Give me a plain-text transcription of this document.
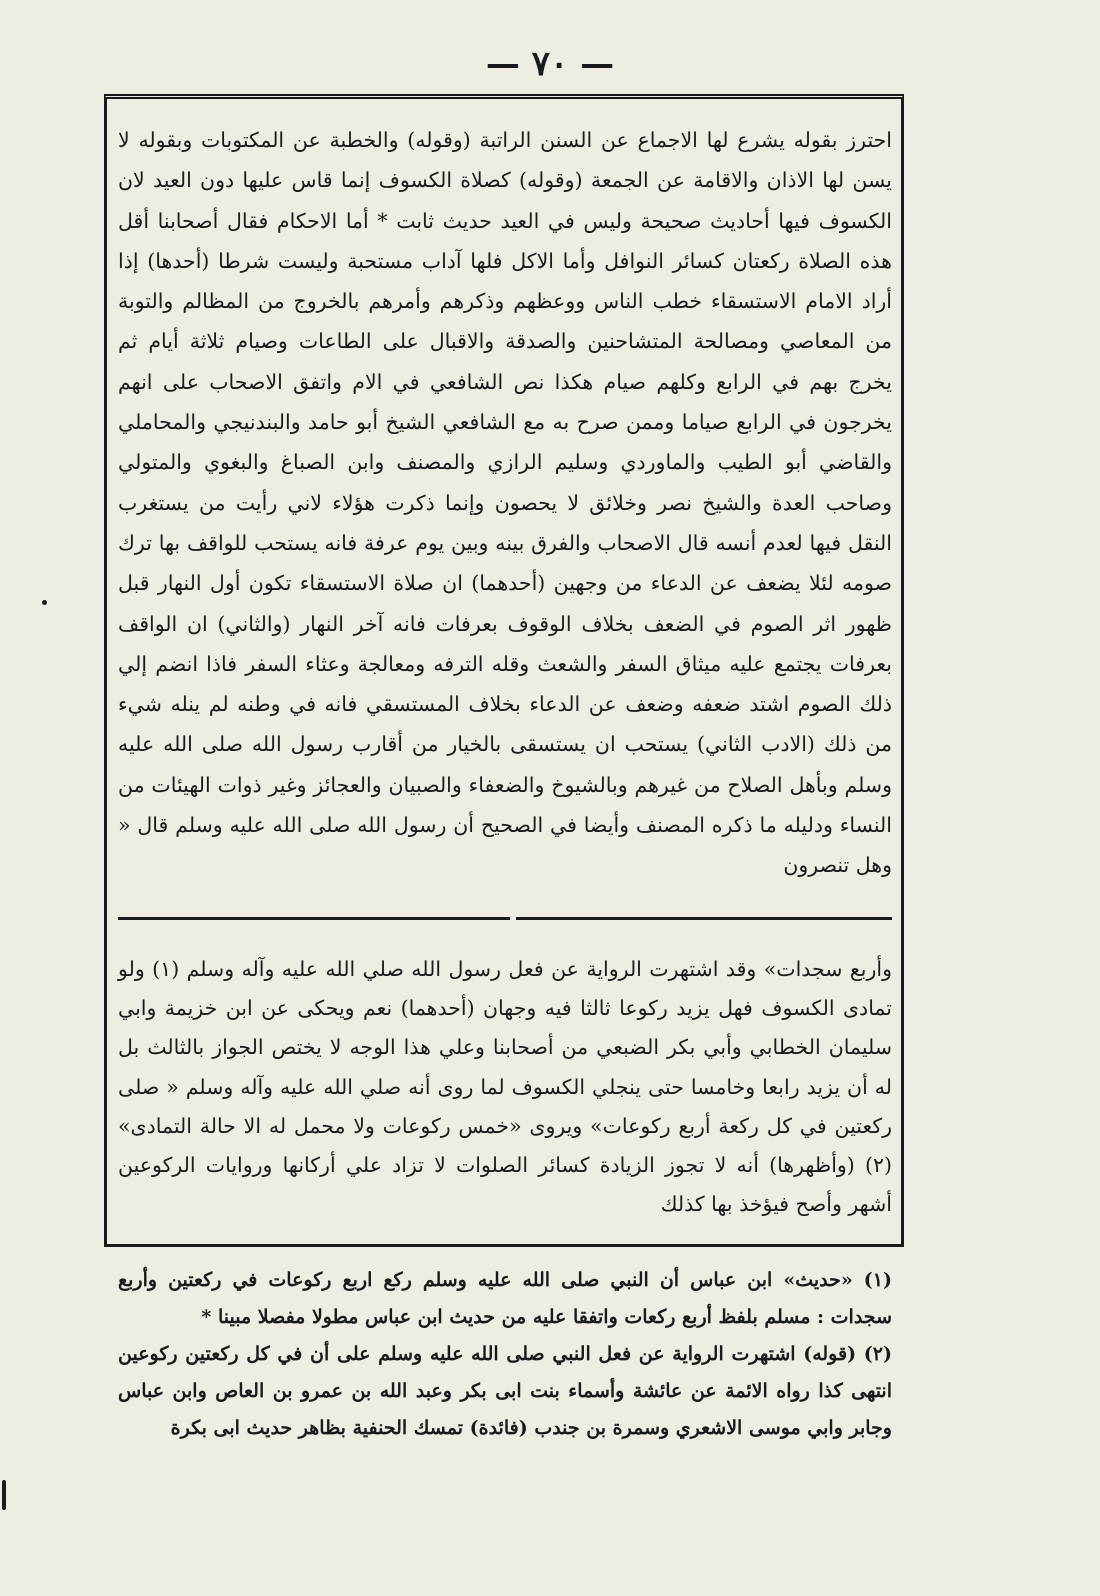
— ٧٠ —
احترز بقوله يشرع لها الاجماع عن السنن الراتبة (وقوله) والخطبة عن المكتوبات وبقوله لا يسن لها الاذان والاقامة عن الجمعة (وقوله) كصلاة الكسوف إنما قاس عليها دون العيد لان الكسوف فيها أحاديث صحيحة وليس في العيد حديث ثابت * أما الاحكام فقال أصحابنا أقل هذه الصلاة ركعتان كسائر النوافل وأما الاكل فلها آداب مستحبة وليست شرطا (أحدها) إذا أراد الامام الاستسقاء خطب الناس ووعظهم وذكرهم وأمرهم بالخروج من المظالم والتوبة من المعاصي ومصالحة المتشاحنين والصدقة والاقبال على الطاعات وصيام ثلاثة أيام ثم يخرج بهم في الرابع وكلهم صيام هكذا نص الشافعي في الام واتفق الاصحاب على انهم يخرجون في الرابع صياما وممن صرح به مع الشافعي الشيخ أبو حامد والبندنيجي والمحاملي والقاضي أبو الطيب والماوردي وسليم الرازي والمصنف وابن الصباغ والبغوي والمتولي وصاحب العدة والشيخ نصر وخلائق لا يحصون وإنما ذكرت هؤلاء لاني رأيت من يستغرب النقل فيها لعدم أنسه قال الاصحاب والفرق بينه وبين يوم عرفة فانه يستحب للواقف بها ترك صومه لئلا يضعف عن الدعاء من وجهين (أحدهما) ان صلاة الاستسقاء تكون أول النهار قبل ظهور اثر الصوم في الضعف بخلاف الوقوف بعرفات فانه آخر النهار (والثاني) ان الواقف بعرفات يجتمع عليه ميثاق السفر والشعث وقله الترفه ومعالجة وعثاء السفر فاذا انضم إلي ذلك الصوم اشتد ضعفه وضعف عن الدعاء بخلاف المستسقي فانه في وطنه لم ينله شيء من ذلك (الادب الثاني) يستحب ان يستسقى بالخيار من أقارب رسول الله صلى الله عليه وسلم وبأهل الصلاح من غيرهم وبالشيوخ والضعفاء والصبيان والعجائز وغير ذوات الهيئات من النساء ودليله ما ذكره المصنف وأيضا في الصحيح أن رسول الله صلى الله عليه وسلم قال « وهل تنصرون
وأربع سجدات» وقد اشتهرت الرواية عن فعل رسول الله صلي الله عليه وآله وسلم (١) ولو تمادى الكسوف فهل يزيد ركوعا ثالثا فيه وجهان (أحدهما) نعم ويحكى عن ابن خزيمة وابي سليمان الخطابي وأبي بكر الضبعي من أصحابنا وعلي هذا الوجه لا يختص الجواز بالثالث بل له أن يزيد رابعا وخامسا حتى ينجلي الكسوف لما روى أنه صلي الله عليه وآله وسلم « صلى ركعتين في كل ركعة أربع ركوعات» ويروى «خمس ركوعات ولا محمل له الا حالة التمادى» (٢) (وأظهرها) أنه لا تجوز الزيادة كسائر الصلوات لا تزاد علي أركانها وروايات الركوعين أشهر وأصح فيؤخذ بها كذلك

(١) «حديث» ابن عباس أن النبي صلى الله عليه وسلم ركع اربع ركوعات في ركعتين وأربع سجدات : مسلم بلفظ أربع ركعات واتفقا عليه من حديث ابن عباس مطولا مفصلا مبينا *

(٢) (قوله) اشتهرت الرواية عن فعل النبي صلى الله عليه وسلم على أن في كل ركعتين ركوعين انتهى كذا رواه الائمة عن عائشة وأسماء بنت ابى بكر وعبد الله بن عمرو بن العاص وابن عباس وجابر وابي موسى الاشعري وسمرة بن جندب (فائدة) تمسك الحنفية بظاهر حديث ابى بكرة
